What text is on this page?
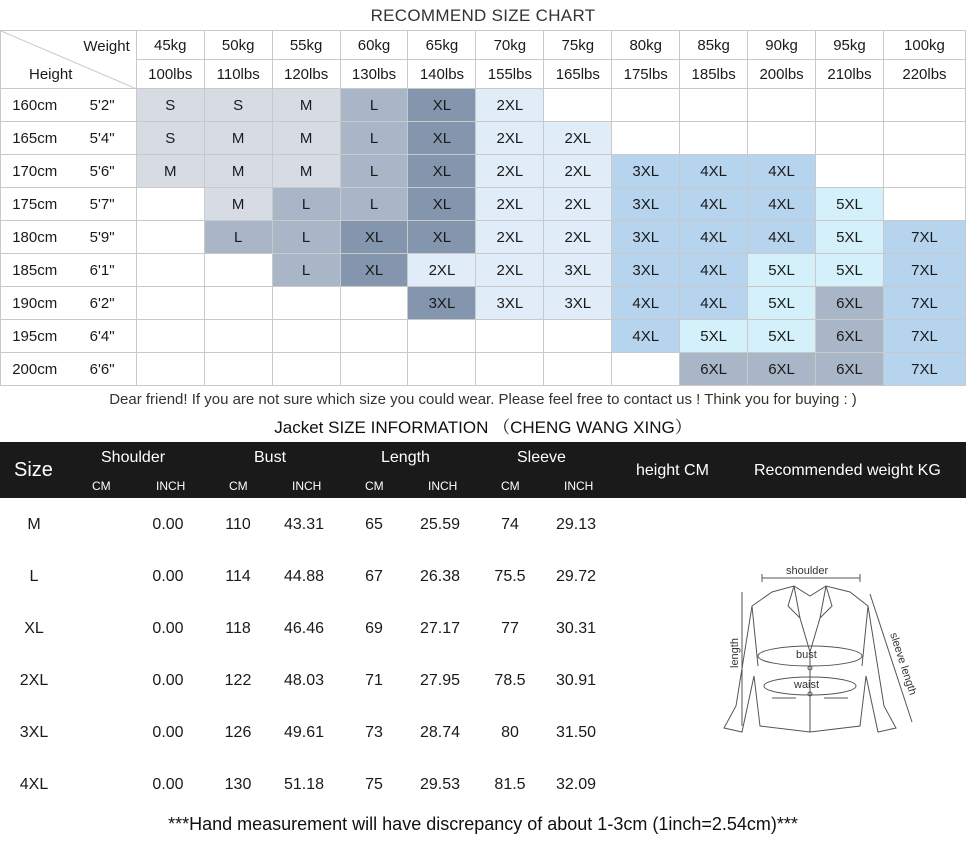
RECOMMEND SIZE CHART
Weight
Height		45kg	50kg	55kg	60kg	65kg	70kg	75kg	80kg	85kg	90kg	95kg	100kg
		100lbs	110lbs	120lbs	130lbs	140lbs	155lbs	165lbs	175lbs	185lbs	200lbs	210lbs	220lbs
160cm	5'2"	S	S	M	L	XL	2XL						
165cm	5'4"	S	M	M	L	XL	2XL	2XL					
170cm	5'6"	M	M	M	L	XL	2XL	2XL	3XL	4XL	4XL		
175cm	5'7"		M	L	L	XL	2XL	2XL	3XL	4XL	4XL	5XL	
180cm	5'9"		L	L	XL	XL	2XL	2XL	3XL	4XL	4XL	5XL	7XL
185cm	6'1"			L	XL	2XL	2XL	3XL	3XL	4XL	5XL	5XL	7XL
190cm	6'2"					3XL	3XL	3XL	4XL	4XL	5XL	6XL	7XL
195cm	6'4"								4XL	5XL	5XL	6XL	7XL
200cm	6'6"									6XL	6XL	6XL	7XL
Dear friend! If you are not sure which size you could wear. Please feel free to contact us ! Think you for buying : )
Jacket SIZE INFORMATION （CHENG WANG XING）
Size
Shoulder	Bust	Length	Sleeve
CM	INCH	CM	INCH	CM	INCH	CM	INCH
height CM	Recommended weight KG
M	0.00	110	43.31	65	25.59	74	29.13
L	0.00	114	44.88	67	26.38 75.5 29.72
XL	0.00	118	46.46	69	27.17	77	30.31
2XL	0.00	122	48.03	71	27.95 78.5 30.91
3XL	0.00	126	49.61	73	28.74	80	31.50
4XL	0.00	130	51.18	75	29.53 81.5 32.09
shoulder
bust
waist
length	sleeve length
***Hand measurement will have discrepancy of about 1-3cm (1inch=2.54cm)***
